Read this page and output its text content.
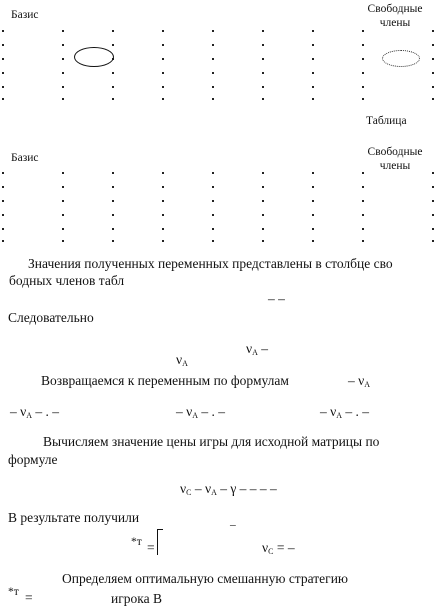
Базис	Свободные
члены
Таблица
Базис	Свободные
члены
Значения полученных переменных представлены в столбце сво
бодных членов табл
– –
Следовательно
νA –
νA
Возвращаемся к переменным по формулам	– νA
– νA – . –	– νA – . –	– νA – . –
Вычисляем значение цены игры для исходной матрицы по
формуле
νC – νA – γ – – – –
В результате получили	–
*т =	νC = –
Определяем оптимальную смешанную стратегию
*т =	игрока B
